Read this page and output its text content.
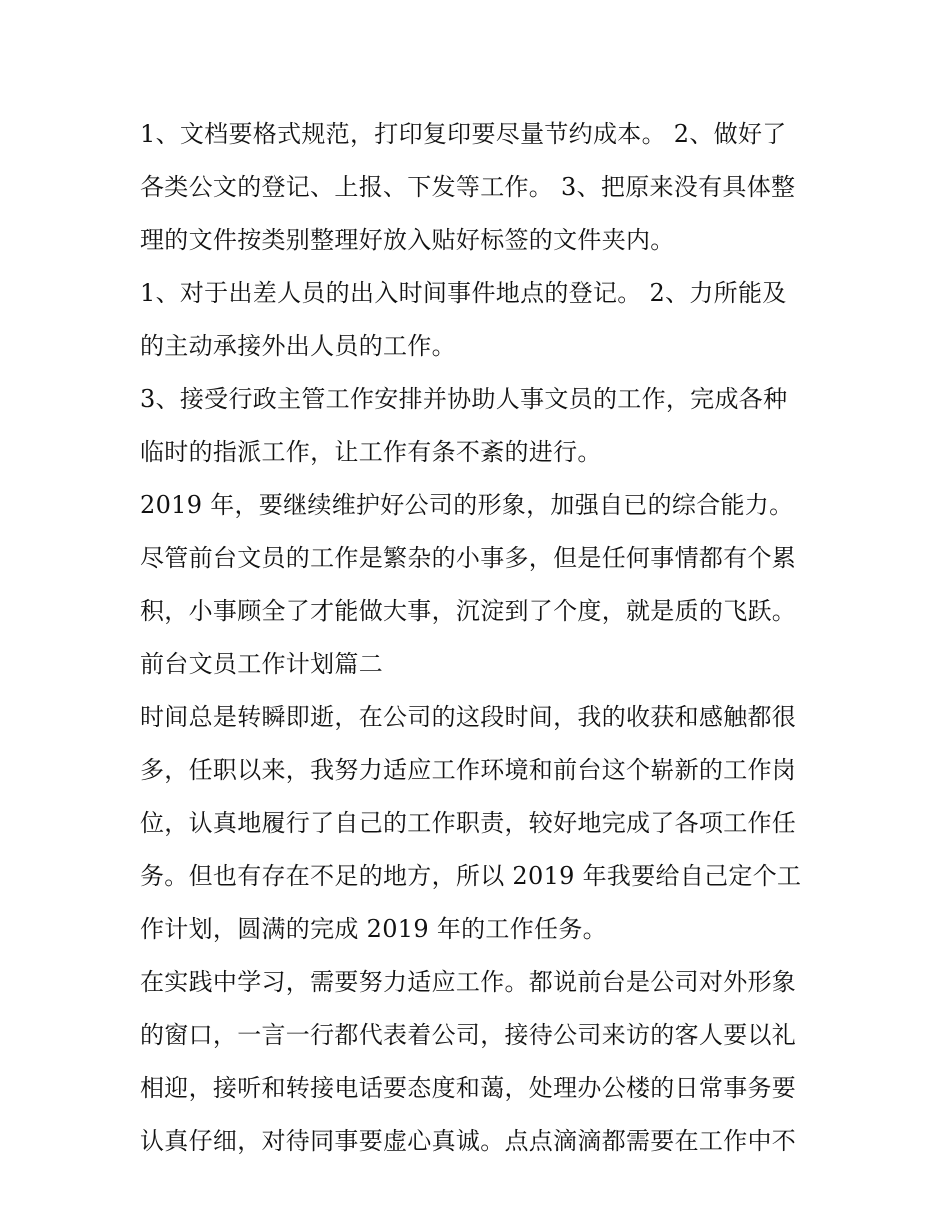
1、文档要格式规范，打印复印要尽量节约成本。 2、做好了
各类公文的登记、上报、下发等工作。 3、把原来没有具体整
理的文件按类别整理好放入贴好标签的文件夹内。

1、对于出差人员的出入时间事件地点的登记。 2、力所能及
的主动承接外出人员的工作。

3、接受行政主管工作安排并协助人事文员的工作，完成各种
临时的指派工作，让工作有条不紊的进行。

2019 年，要继续维护好公司的形象，加强自已的综合能力。

尽管前台文员的工作是繁杂的小事多，但是任何事情都有个累
积，小事顾全了才能做大事，沉淀到了个度，就是质的飞跃。

前台文员工作计划篇二

时间总是转瞬即逝，在公司的这段时间，我的收获和感触都很
多，任职以来，我努力适应工作环境和前台这个崭新的工作岗
位，认真地履行了自己的工作职责，较好地完成了各项工作任
务。但也有存在不足的地方，所以 2019 年我要给自己定个工
作计划，圆满的完成 2019 年的工作任务。

在实践中学习，需要努力适应工作。都说前台是公司对外形象
的窗口，一言一行都代表着公司，接待公司来访的客人要以礼
相迎，接听和转接电话要态度和蔼，处理办公楼的日常事务要
认真仔细，对待同事要虚心真诚。点点滴滴都需要在工作中不
